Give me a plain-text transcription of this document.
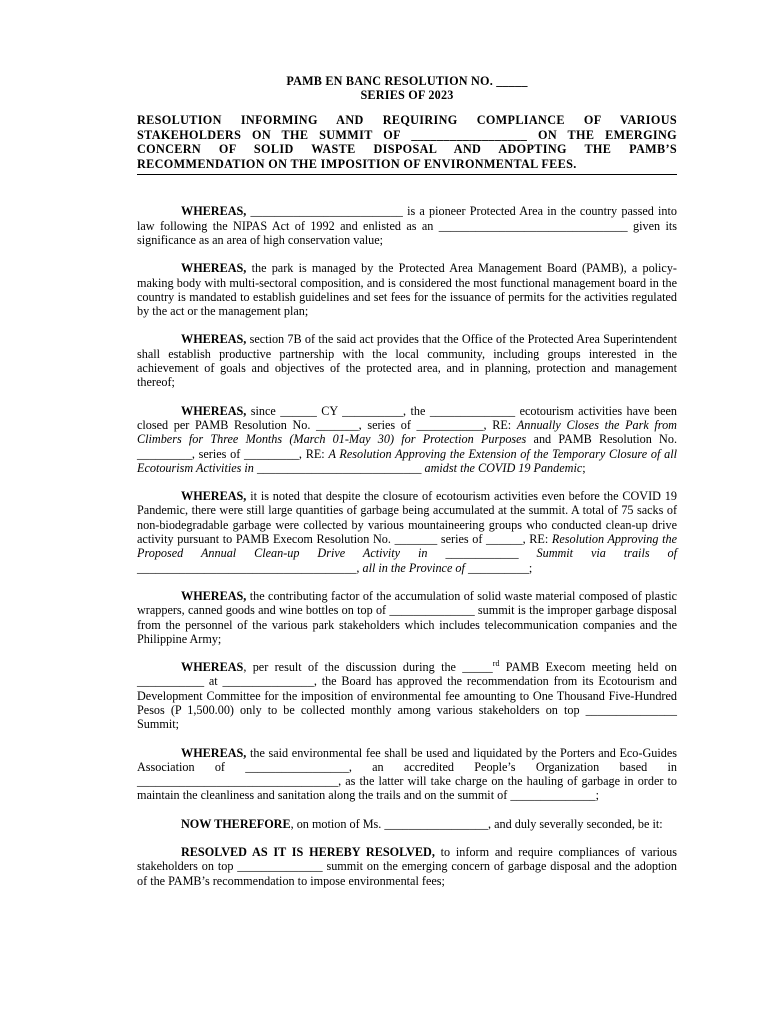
PAMB EN BANC RESOLUTION NO. _____
SERIES OF 2023
RESOLUTION INFORMING AND REQUIRING COMPLIANCE OF VARIOUS STAKEHOLDERS ON THE SUMMIT OF __________________ ON THE EMERGING CONCERN OF SOLID WASTE DISPOSAL AND ADOPTING THE PAMB’S RECOMMENDATION ON THE IMPOSITION OF ENVIRONMENTAL FEES.
WHEREAS, _________________________ is a pioneer Protected Area in the country passed into law following the NIPAS Act of 1992 and enlisted as an _______________________________ given its significance as an area of high conservation value;
WHEREAS, the park is managed by the Protected Area Management Board (PAMB), a policy-making body with multi-sectoral composition, and is considered the most functional management board in the country is mandated to establish guidelines and set fees for the issuance of permits for the activities regulated by the act or the management plan;
WHEREAS, section 7B of the said act provides that the Office of the Protected Area Superintendent shall establish productive partnership with the local community, including groups interested in the achievement of goals and objectives of the protected area, and in planning, protection and management thereof;
WHEREAS, since ______ CY __________, the ______________ ecotourism activities have been closed per PAMB Resolution No. _______, series of ___________, RE: Annually Closes the Park from Climbers for Three Months (March 01-May 30) for Protection Purposes and PAMB Resolution No. _________, series of _________, RE: A Resolution Approving the Extension of the Temporary Closure of all Ecotourism Activities in ___________________________ amidst the COVID 19 Pandemic;
WHEREAS, it is noted that despite the closure of ecotourism activities even before the COVID 19 Pandemic, there were still large quantities of garbage being accumulated at the summit. A total of 75 sacks of non-biodegradable garbage were collected by various mountaineering groups who conducted clean-up drive activity pursuant to PAMB Execom Resolution No. _______ series of ______, RE: Resolution Approving the Proposed Annual Clean-up Drive Activity in ____________ Summit via trails of ____________________________________, all in the Province of __________;
WHEREAS, the contributing factor of the accumulation of solid waste material composed of plastic wrappers, canned goods and wine bottles on top of ______________ summit is the improper garbage disposal from the personnel of the various park stakeholders which includes telecommunication companies and the Philippine Army;
WHEREAS, per result of the discussion during the _____$^{rd}$ PAMB Execom meeting held on ___________ at _______________, the Board has approved the recommendation from its Ecotourism and Development Committee for the imposition of environmental fee amounting to One Thousand Five-Hundred Pesos (P 1,500.00) only to be collected monthly among various stakeholders on top _______________ Summit;
WHEREAS, the said environmental fee shall be used and liquidated by the Porters and Eco-Guides Association of _________________, an accredited People’s Organization based in _________________________________, as the latter will take charge on the hauling of garbage in order to maintain the cleanliness and sanitation along the trails and on the summit of ______________;
NOW THEREFORE, on motion of Ms. _________________, and duly severally seconded, be it:
RESOLVED AS IT IS HEREBY RESOLVED, to inform and require compliances of various stakeholders on top ______________ summit on the emerging concern of garbage disposal and the adoption of the PAMB’s recommendation to impose environmental fees;
